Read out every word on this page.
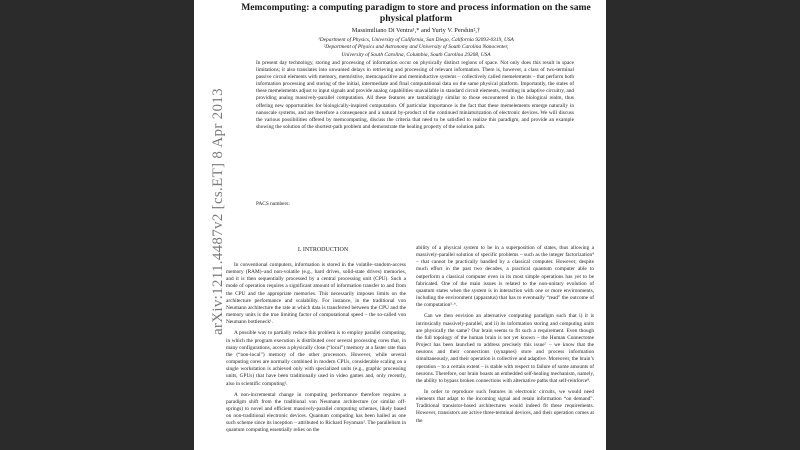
Memcomputing: a computing paradigm to store and process information on the same physical platform
Massimiliano Di Ventra¹,* and Yuriy V. Pershin²,†
¹Department of Physics, University of California, San Diego, California 92093-0319, USA
²Department of Physics and Astronomy and University of South Carolina Nanocenter,
University of South Carolina, Columbia, South Carolina 29208, USA

In present day technology, storing and processing of information occur on physically distinct regions of space. Not only does this result in space limitations; it also translates into unwanted delays in retrieving and processing of relevant information. There is, however, a class of two-terminal passive circuit elements with memory, memristive, memcapacitive and meminductive systems – collectively called memelements – that perform both information processing and storing of the initial, intermediate and final computational data on the same physical platform. Importantly, the states of these memelements adjust to input signals and provide analog capabilities unavailable in standard circuit elements, resulting in adaptive circuitry, and providing analog massively-parallel computation. All these features are tantalizingly similar to those encountered in the biological realm, thus offering new opportunities for biologically-inspired computation. Of particular importance is the fact that these memelements emerge naturally in nanoscale systems, and are therefore a consequence and a natural by-product of the continued miniaturization of electronic devices. We will discuss the various possibilities offered by memcomputing, discuss the criteria that need to be satisfied to realize this paradigm, and provide an example showing the solution of the shortest-path problem and demonstrate the healing property of the solution path.

PACS numbers:

I. INTRODUCTION

In conventional computers, information is stored in the volatile–random-access memory (RAM)–and non-volatile (e.g., hard drives, solid-state drives) memories, and it is then sequentially processed by a central processing unit (CPU). Such a mode of operation requires a significant amount of information transfer to and from the CPU and the appropriate memories. This necessarily imposes limits on the architecture performance and scalability. For instance, in the traditional von Neumann architecture the rate at which data is transferred between the CPU and the memory units is the true limiting factor of computational speed – the so-called von Neumann bottleneck¹.

A possible way to partially reduce this problem is to employ parallel computing, in which the program execution is distributed over several processing cores that, in many configurations, access a physically close (“local”) memory at a faster rate than the (“non-local”) memory of the other processors. However, while several computing cores are normally combined in modern CPUs, considerable scaling on a single workstation is achieved only with specialized units (e.g., graphic processing units, GPUs) that have been traditionally used in video games and, only recently, also in scientific computing².

A non-incremental change in computing performance therefore requires a paradigm shift from the traditional von Neumann architecture (or similar off-springs) to novel and efficient massively-parallel computing schemes, likely based on non-traditional electronic devices. Quantum computing has been hailed as one such scheme since its inception – attributed to Richard Feynman³. The parallelism in quantum computing essentially relies on the

ability of a physical system to be in a superposition of states, thus allowing a massively-parallel solution of specific problems – such as the integer factorization⁴ – that cannot be practically handled by a classical computer. However, despite much effort in the past two decades, a practical quantum computer able to outperform a classical computer even in its most simple operations has yet to be fabricated. One of the main issues is related to the non-unitary evolution of quantum states when the system is in interaction with one or more environments, including the environment (apparatus) that has to eventually “read” the outcome of the computation⁵·⁶.

Can we then envision an alternative computing paradigm such that i) it is intrinsically massively-parallel, and ii) its information storing and computing units are physically the same? Our brain seems to fit such a requirement. Even though the full topology of the human brain is not yet known – the Human Connectome Project has been launched to address precisely this issue⁷ – we know that the neurons and their connections (synapses) store and process information simultaneously, and their operation is collective and adaptive. Moreover, the brain’s operation – to a certain extent – is stable with respect to failure of some amounts of neurons. Therefore, our brain boasts an embedded self-healing mechanism, namely, the ability to bypass broken connections with alternative paths that self-reinforce⁸.

In order to reproduce such features in electronic circuits, we would need elements that adapt to the incoming signal and retain information “on demand”. Traditional transistor-based architectures would indeed fit these requirements. However, transistors are active three-terminal devices, and their operation comes at the

arXiv:1211.4487v2 [cs.ET] 8 Apr 2013
